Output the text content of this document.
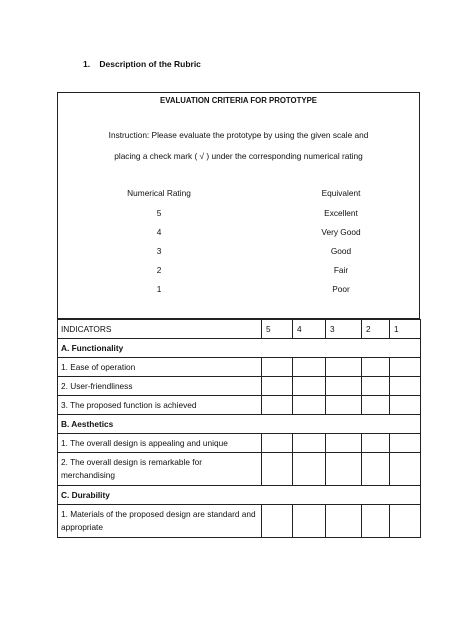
1. Description of the Rubric
EVALUATION CRITERIA FOR PROTOTYPE
Instruction: Please evaluate the prototype by using the given scale and
placing a check mark ( √ ) under the corresponding numerical rating
Numerical Rating	Equivalent
5	Excellent
4	Very Good
3	Good
2	Fair
1	Poor
INDICATORS	5	4	3	2	1
A. Functionality					
1. Ease of operation					
2. User-friendliness					
3. The proposed function is achieved					
B. Aesthetics					
1. The overall design is appealing and unique					
2. The overall design is remarkable for merchandising					
C. Durability					
1. Materials of the proposed design are standard and appropriate					
